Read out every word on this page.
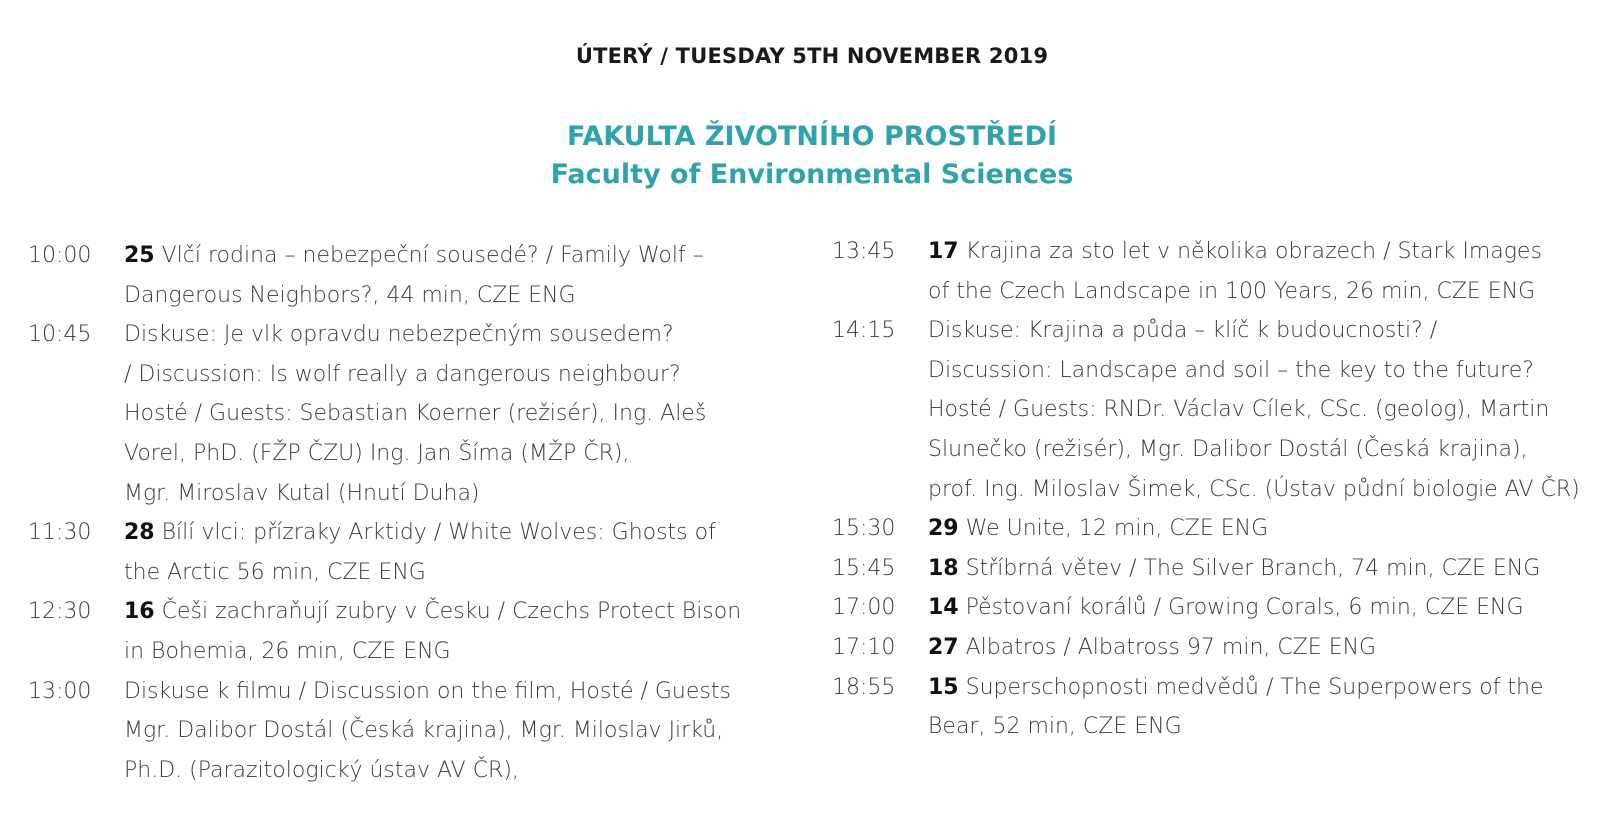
ÚTERÝ / TUESDAY 5TH NOVEMBER 2019
FAKULTA ŽIVOTNÍHO PROSTŘEDÍ
Faculty of Environmental Sciences
10:00	25 Vlčí rodina – nebezpeční sousedé? / Family Wolf –
Dangerous Neighbors?, 44 min, CZE ENG
10:45	Diskuse: Je vlk opravdu nebezpečným sousedem?
/ Discussion: Is wolf really a dangerous neighbour?
Hosté / Guests: Sebastian Koerner (režisér), Ing. Aleš
Vorel, PhD. (FŽP ČZU) Ing. Jan Šíma (MŽP ČR),
Mgr. Miroslav Kutal (Hnutí Duha)
11:30	28 Bílí vlci: přízraky Arktidy / White Wolves: Ghosts of
the Arctic 56 min, CZE ENG
12:30	16 Češi zachraňují zubry v Česku / Czechs Protect Bison
in Bohemia, 26 min, CZE ENG
13:00	Diskuse k filmu / Discussion on the film, Hosté / Guests
Mgr. Dalibor Dostál (Česká krajina), Mgr. Miloslav Jirků,
Ph.D. (Parazitologický ústav AV ČR),
13:45	17 Krajina za sto let v několika obrazech / Stark Images
of the Czech Landscape in 100 Years, 26 min, CZE ENG
14:15	Diskuse: Krajina a půda – klíč k budoucnosti? /
Discussion: Landscape and soil – the key to the future?
Hosté / Guests: RNDr. Václav Cílek, CSc. (geolog), Martin
Slunečko (režisér), Mgr. Dalibor Dostál (Česká krajina),
prof. Ing. Miloslav Šimek, CSc. (Ústav půdní biologie AV ČR)
15:30	29 We Unite, 12 min, CZE ENG
15:45	18 Stříbrná větev / The Silver Branch, 74 min, CZE ENG
17:00	14 Pěstovaní korálů / Growing Corals, 6 min, CZE ENG
17:10	27 Albatros / Albatross 97 min, CZE ENG
18:55	15 Superschopnosti medvědů / The Superpowers of the
Bear, 52 min, CZE ENG
